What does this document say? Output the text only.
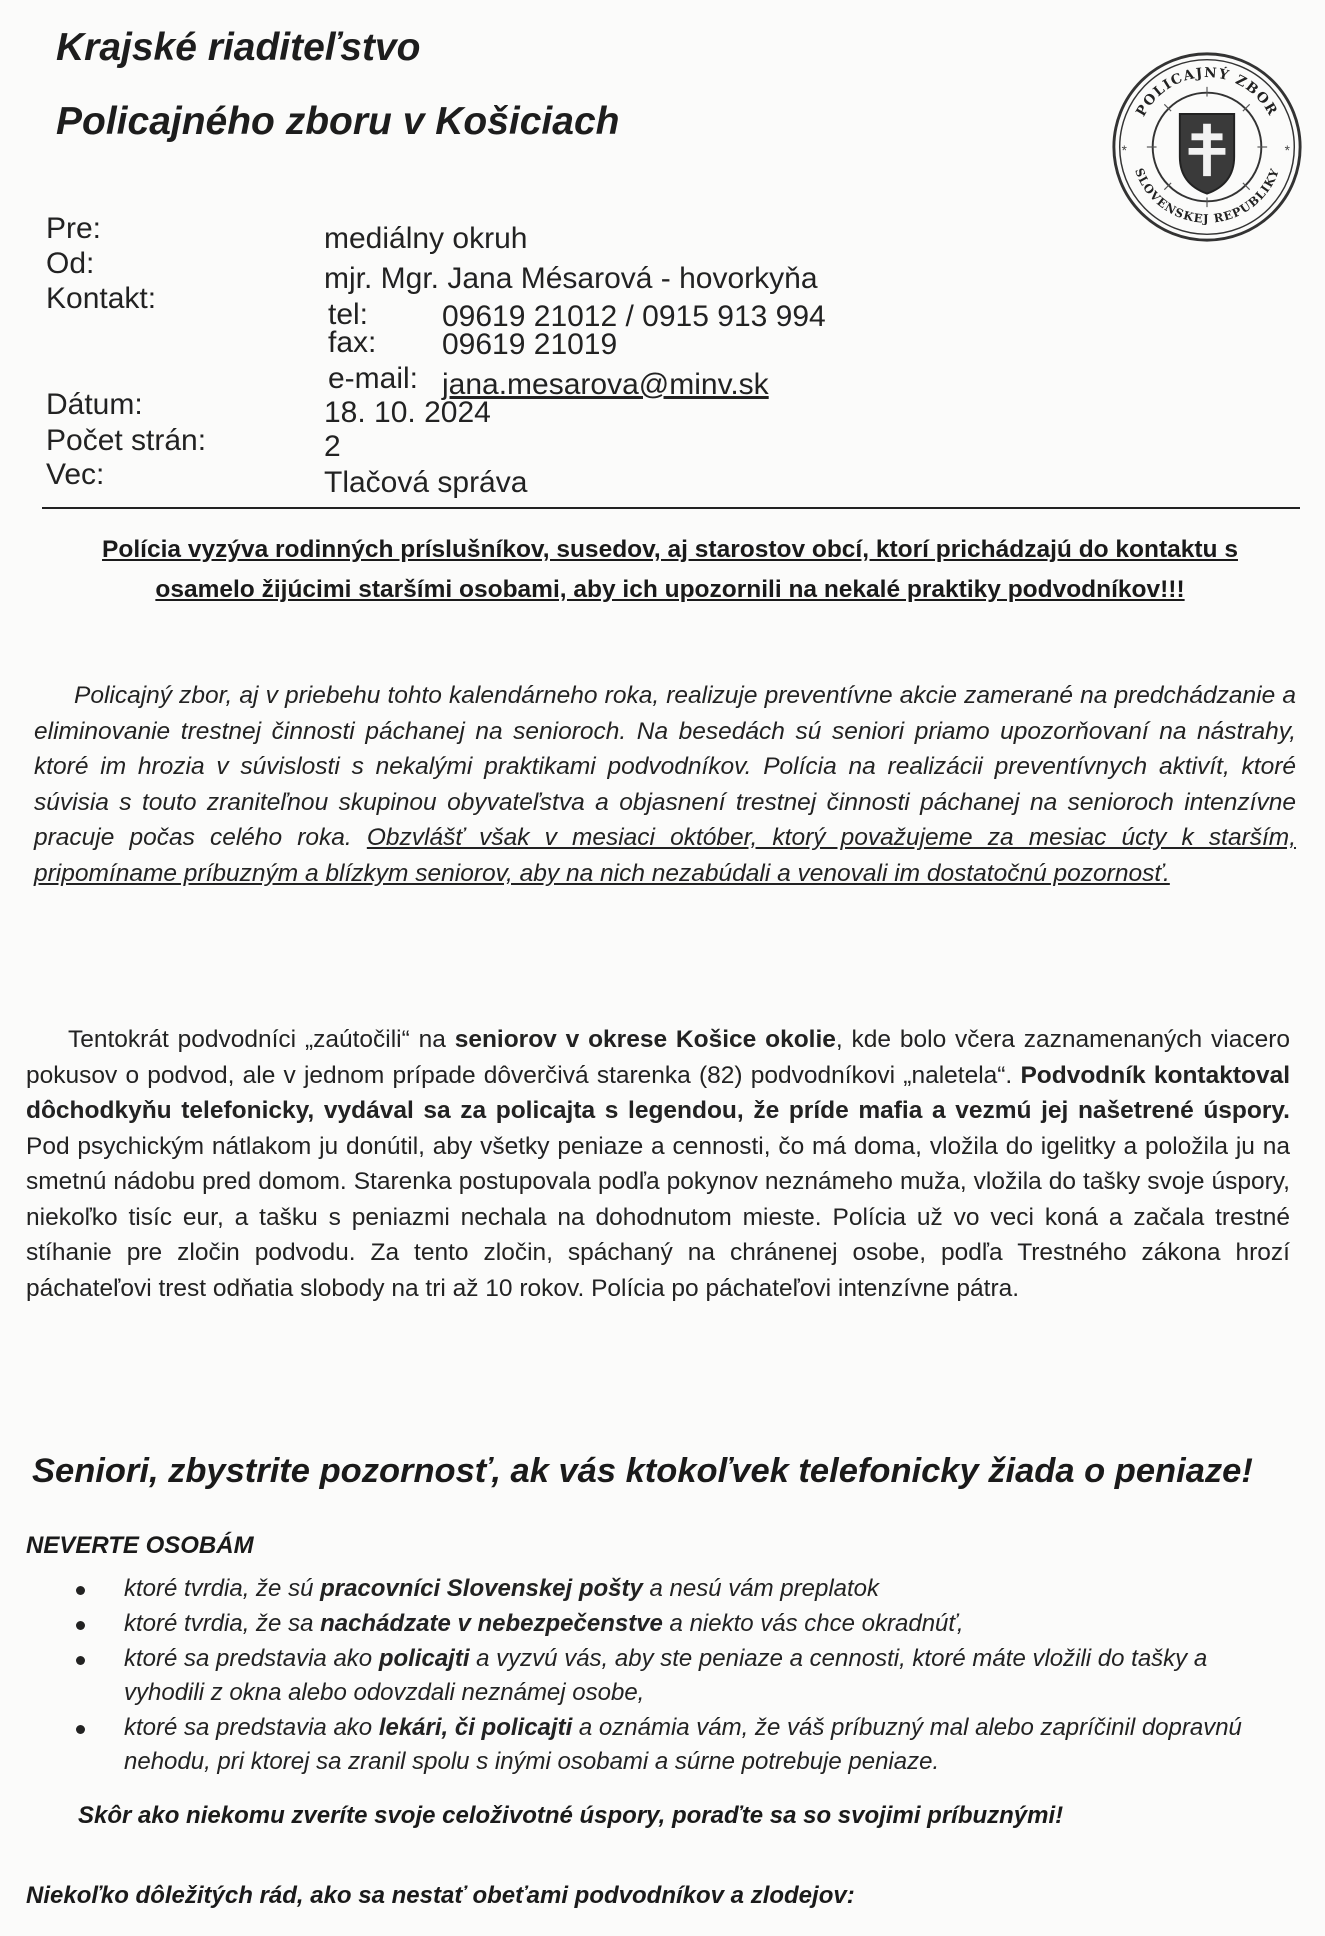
Krajské riaditeľstvo
Policajného zboru v Košiciach	POLICAJNÝ ZBOR
SLOVENSKEJ REPUBLIKY
*	*
Pre:	mediálny okruh
Od:	mjr. Mgr. Jana Mésarová - hovorkyňa
Kontakt:	tel: 09619 21012 / 0915 913 994
fax: 09619 21019
e-mail: jana.mesarova@minv.sk
Dátum:	18. 10. 2024
Počet strán:	2
Vec:	Tlačová správa
Polícia vyzýva rodinných príslušníkov, susedov, aj starostov obcí, ktorí prichádzajú do kontaktu s osamelo žijúcimi staršími osobami, aby ich upozornili na nekalé praktiky podvodníkov!!!
Policajný zbor, aj v priebehu tohto kalendárneho roka, realizuje preventívne akcie zamerané na predchádzanie a eliminovanie trestnej činnosti páchanej na senioroch. Na besedách sú seniori priamo upozorňovaní na nástrahy, ktoré im hrozia v súvislosti s nekalými praktikami podvodníkov. Polícia na realizácii preventívnych aktivít, ktoré súvisia s touto zraniteľnou skupinou obyvateľstva a objasnení trestnej činnosti páchanej na senioroch intenzívne pracuje počas celého roka. Obzvlášť však v mesiaci október, ktorý považujeme za mesiac úcty k starším, pripomíname príbuzným a blízkym seniorov, aby na nich nezabúdali a venovali im dostatočnú pozornosť.
Tentokrát podvodníci „zaútočili“ na seniorov v okrese Košice okolie, kde bolo včera zaznamenaných viacero pokusov o podvod, ale v jednom prípade dôverčivá starenka (82) podvodníkovi „naletela“. Podvodník kontaktoval dôchodkyňu telefonicky, vydával sa za policajta s legendou, že príde mafia a vezmú jej našetrené úspory. Pod psychickým nátlakom ju donútil, aby všetky peniaze a cennosti, čo má doma, vložila do igelitky a položila ju na smetnú nádobu pred domom. Starenka postupovala podľa pokynov neznámeho muža, vložila do tašky svoje úspory, niekoľko tisíc eur, a tašku s peniazmi nechala na dohodnutom mieste. Polícia už vo veci koná a začala trestné stíhanie pre zločin podvodu. Za tento zločin, spáchaný na chránenej osobe, podľa Trestného zákona hrozí páchateľovi trest odňatia slobody na tri až 10 rokov. Polícia po páchateľovi intenzívne pátra.
Seniori, zbystrite pozornosť, ak vás ktokoľvek telefonicky žiada o peniaze!
NEVERTE OSOBÁM
ktoré tvrdia, že sú pracovníci Slovenskej pošty a nesú vám preplatok
ktoré tvrdia, že sa nachádzate v nebezpečenstve a niekto vás chce okradnúť,
ktoré sa predstavia ako policajti a vyzvú vás, aby ste peniaze a cennosti, ktoré máte vložili do tašky a vyhodili z okna alebo odovzdali neznámej osobe,
ktoré sa predstavia ako lekári, či policajti a oznámia vám, že váš príbuzný mal alebo zapríčinil dopravnú nehodu, pri ktorej sa zranil spolu s inými osobami a súrne potrebuje peniaze.
Skôr ako niekomu zveríte svoje celoživotné úspory, poraďte sa so svojimi príbuznými!
Niekoľko dôležitých rád, ako sa nestať obeťami podvodníkov a zlodejov:
